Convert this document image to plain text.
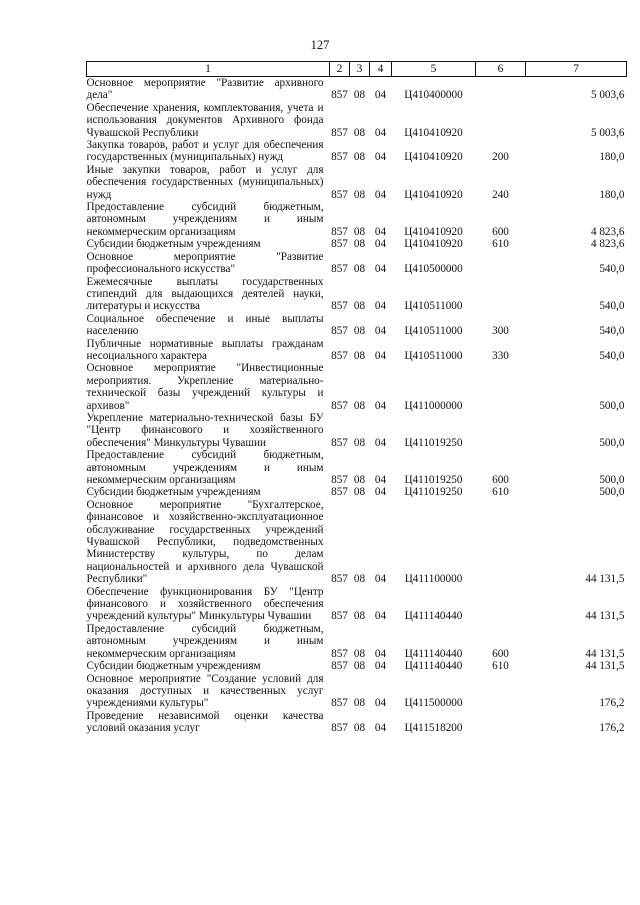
127
1	2	3	4	5	6	7
Основное мероприятие "Развитие архивного дела"	857	08	04	Ц410400000		5 003,6
Обеспечение хранения, комплектования, учета и использования документов Архивного фонда Чувашской Республики	857	08	04	Ц410410920		5 003,6
Закупка товаров, работ и услуг для обеспечения государственных (муниципальных) нужд	857	08	04	Ц410410920	200	180,0
Иные закупки товаров, работ и услуг для обеспечения государственных (муниципальных) нужд	857	08	04	Ц410410920	240	180,0
Предоставление субсидий бюджетным, автономным учреждениям и иным некоммерческим организациям	857	08	04	Ц410410920	600	4 823,6
Субсидии бюджетным учреждениям	857	08	04	Ц410410920	610	4 823,6
Основное мероприятие "Развитие профессионального искусства"	857	08	04	Ц410500000		540,0
Ежемесячные выплаты государственных стипендий для выдающихся деятелей науки, литературы и искусства	857	08	04	Ц410511000		540,0
Социальное обеспечение и иные выплаты населению	857	08	04	Ц410511000	300	540,0
Публичные нормативные выплаты гражданам несоциального характера	857	08	04	Ц410511000	330	540,0
Основное мероприятие "Инвестиционные мероприятия. Укрепление материально-технической базы учреждений культуры и архивов"	857	08	04	Ц411000000		500,0
Укрепление материально-технической базы БУ "Центр финансового и хозяйственного обеспечения" Минкультуры Чувашии	857	08	04	Ц411019250		500,0
Предоставление субсидий бюджетным, автономным учреждениям и иным некоммерческим организациям	857	08	04	Ц411019250	600	500,0
Субсидии бюджетным учреждениям	857	08	04	Ц411019250	610	500,0
Основное мероприятие "Бухгалтерское, финансовое и хозяйственно-эксплуатационное обслуживание государственных учреждений Чувашской Республики, подведомственных Министерству культуры, по делам национальностей и архивного дела Чувашской Республики"	857	08	04	Ц411100000		44 131,5
Обеспечение функционирования БУ "Центр финансового и хозяйственного обеспечения учреждений культуры" Минкультуры Чувашии	857	08	04	Ц411140440		44 131,5
Предоставление субсидий бюджетным, автономным учреждениям и иным некоммерческим организациям	857	08	04	Ц411140440	600	44 131,5
Субсидии бюджетным учреждениям	857	08	04	Ц411140440	610	44 131,5
Основное мероприятие "Создание условий для оказания доступных и качественных услуг учреждениями культуры"	857	08	04	Ц411500000		176,2
Проведение независимой оценки качества условий оказания услуг	857	08	04	Ц411518200		176,2
